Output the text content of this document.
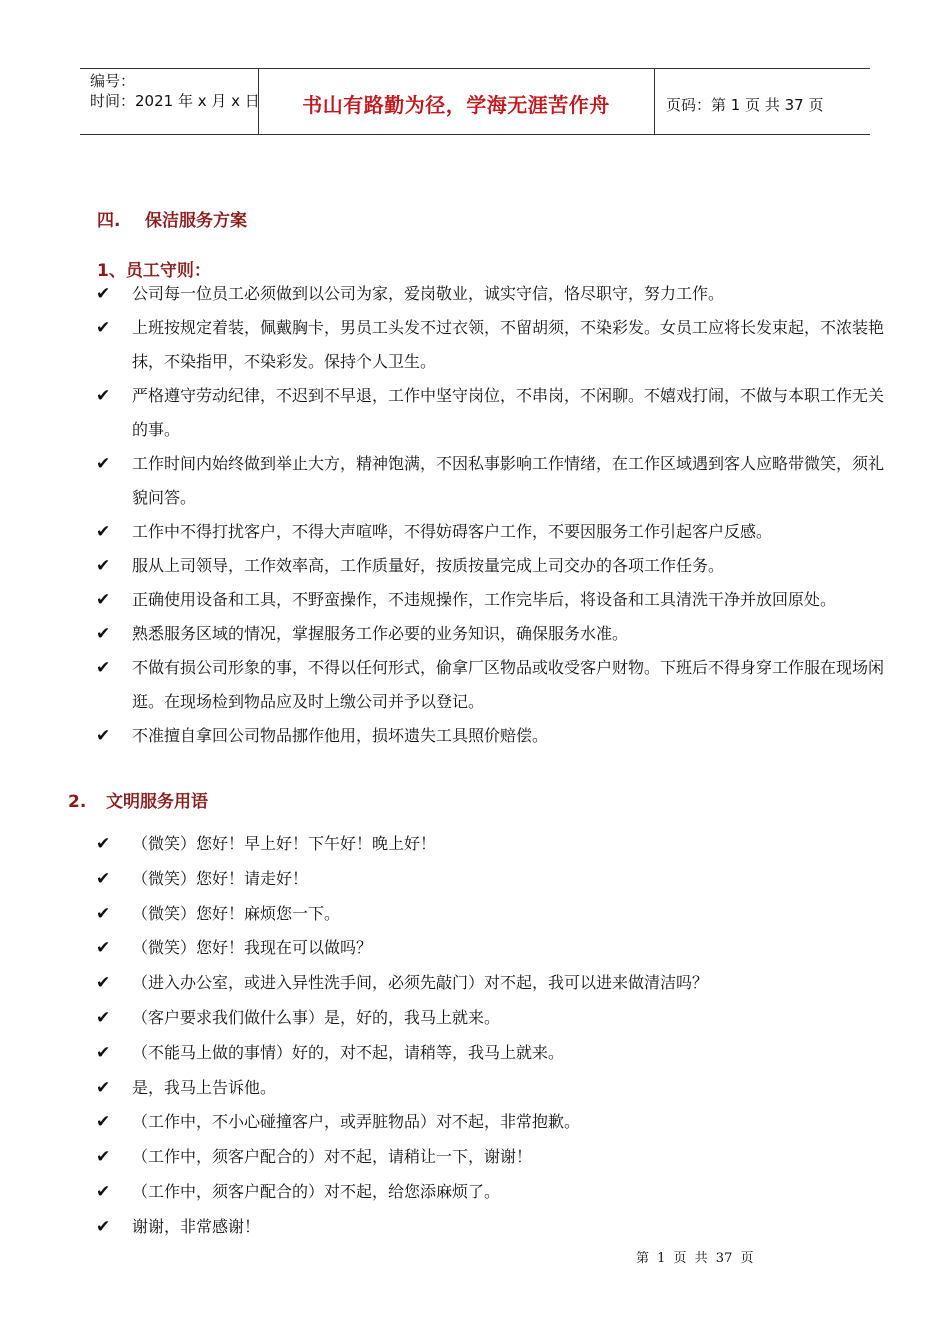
编号：
时间：2021 年 x 月 x 日	书山有路勤为径，学海无涯苦作舟	页码：第 1 页 共 37 页
四. 保洁服务方案
1、员工守则：
✔ 公司每一位员工必须做到以公司为家，爱岗敬业，诚实守信，恪尽职守，努力工作。
✔ 上班按规定着装，佩戴胸卡，男员工头发不过衣领，不留胡须，不染彩发。女员工应将长发束起，不浓装艳抹，不染指甲，不染彩发。保持个人卫生。
✔ 严格遵守劳动纪律，不迟到不早退，工作中坚守岗位，不串岗，不闲聊。不嬉戏打闹，不做与本职工作无关的事。
✔ 工作时间内始终做到举止大方，精神饱满，不因私事影响工作情绪，在工作区域遇到客人应略带微笑，须礼貌问答。
✔ 工作中不得打扰客户，不得大声喧哗，不得妨碍客户工作，不要因服务工作引起客户反感。
✔ 服从上司领导，工作效率高，工作质量好，按质按量完成上司交办的各项工作任务。
✔ 正确使用设备和工具，不野蛮操作，不违规操作，工作完毕后，将设备和工具清洗干净并放回原处。
✔ 熟悉服务区域的情况，掌握服务工作必要的业务知识，确保服务水准。
✔ 不做有损公司形象的事，不得以任何形式，偷拿厂区物品或收受客户财物。下班后不得身穿工作服在现场闲逛。在现场检到物品应及时上缴公司并予以登记。
✔ 不准擅自拿回公司物品挪作他用，损坏遗失工具照价赔偿。
2. 文明服务用语
✔ （微笑）您好！早上好！下午好！晚上好！
✔ （微笑）您好！请走好！
✔ （微笑）您好！麻烦您一下。
✔ （微笑）您好！我现在可以做吗？
✔ （进入办公室，或进入异性洗手间，必须先敲门）对不起，我可以进来做清洁吗？
✔ （客户要求我们做什么事）是，好的，我马上就来。
✔ （不能马上做的事情）好的，对不起，请稍等，我马上就来。
✔ 是，我马上告诉他。
✔ （工作中，不小心碰撞客户，或弄脏物品）对不起，非常抱歉。
✔ （工作中，须客户配合的）对不起，请稍让一下，谢谢！
✔ （工作中，须客户配合的）对不起，给您添麻烦了。
✔ 谢谢，非常感谢！
第 1 页 共 37 页
